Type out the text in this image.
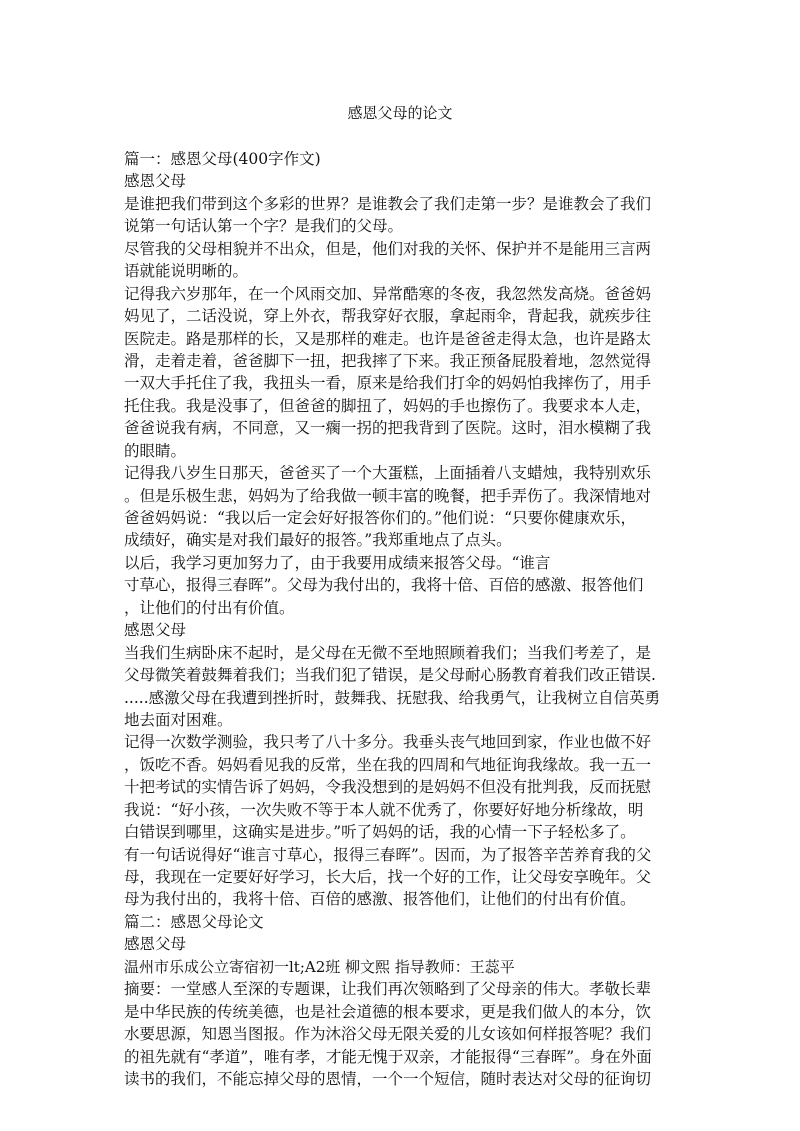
感恩父母的论文
篇一：感恩父母(400字作文)
感恩父母
是谁把我们带到这个多彩的世界？是谁教会了我们走第一步？是谁教会了我们
说第一句话认第一个字？是我们的父母。
尽管我的父母相貌并不出众，但是，他们对我的关怀、保护并不是能用三言两
语就能说明晰的。
记得我六岁那年，在一个风雨交加、异常酷寒的冬夜，我忽然发高烧。爸爸妈
妈见了，二话没说，穿上外衣，帮我穿好衣服，拿起雨伞，背起我，就疾步往
医院走。路是那样的长，又是那样的难走。也许是爸爸走得太急，也许是路太
滑，走着走着，爸爸脚下一扭，把我摔了下来。我正预备屁股着地，忽然觉得
一双大手托住了我，我扭头一看，原来是给我们打伞的妈妈怕我摔伤了，用手
托住我。我是没事了，但爸爸的脚扭了，妈妈的手也擦伤了。我要求本人走，
爸爸说我有病，不同意，又一瘸一拐的把我背到了医院。这时，泪水模糊了我
的眼睛。
记得我八岁生日那天，爸爸买了一个大蛋糕，上面插着八支蜡烛，我特别欢乐
。但是乐极生悲，妈妈为了给我做一顿丰富的晚餐，把手弄伤了。我深情地对
爸爸妈妈说：“我以后一定会好好报答你们的。”他们说：“只要你健康欢乐，
成绩好，确实是对我们最好的报答。”我郑重地点了点头。
以后，我学习更加努力了，由于我要用成绩来报答父母。“谁言
寸草心，报得三春晖”。父母为我付出的，我将十倍、百倍的感激、报答他们
，让他们的付出有价值。
感恩父母
当我们生病卧床不起时，是父母在无微不至地照顾着我们；当我们考差了，是
父母微笑着鼓舞着我们；当我们犯了错误，是父母耐心肠教育着我们改正错误.
.....感激父母在我遭到挫折时，鼓舞我、抚慰我、给我勇气，让我树立自信英勇
地去面对困难。
记得一次数学测验，我只考了八十多分。我垂头丧气地回到家，作业也做不好
，饭吃不香。妈妈看见我的反常，坐在我的四周和气地征询我缘故。我一五一
十把考试的实情告诉了妈妈，令我没想到的是妈妈不但没有批判我，反而抚慰
我说：“好小孩，一次失败不等于本人就不优秀了，你要好好地分析缘故，明
白错误到哪里，这确实是进步。”听了妈妈的话，我的心情一下子轻松多了。
有一句话说得好“谁言寸草心，报得三春晖”。因而，为了报答辛苦养育我的父
母，我现在一定要好好学习，长大后，找一个好的工作，让父母安享晚年。父
母为我付出的，我将十倍、百倍的感激、报答他们，让他们的付出有价值。
篇二：感恩父母论文
感恩父母
温州市乐成公立寄宿初一lt;A2班 柳文熙 指导教师：王蕊平
摘要：一堂感人至深的专题课，让我们再次领略到了父母亲的伟大。孝敬长辈
是中华民族的传统美德，也是社会道德的根本要求，更是我们做人的本分，饮
水要思源，知恩当图报。作为沐浴父母无限关爱的儿女该如何样报答呢？我们
的祖先就有“孝道”，唯有孝，才能无愧于双亲，才能报得“三春晖”。身在外面
读书的我们，不能忘掉父母的恩情，一个一个短信，随时表达对父母的征询切
